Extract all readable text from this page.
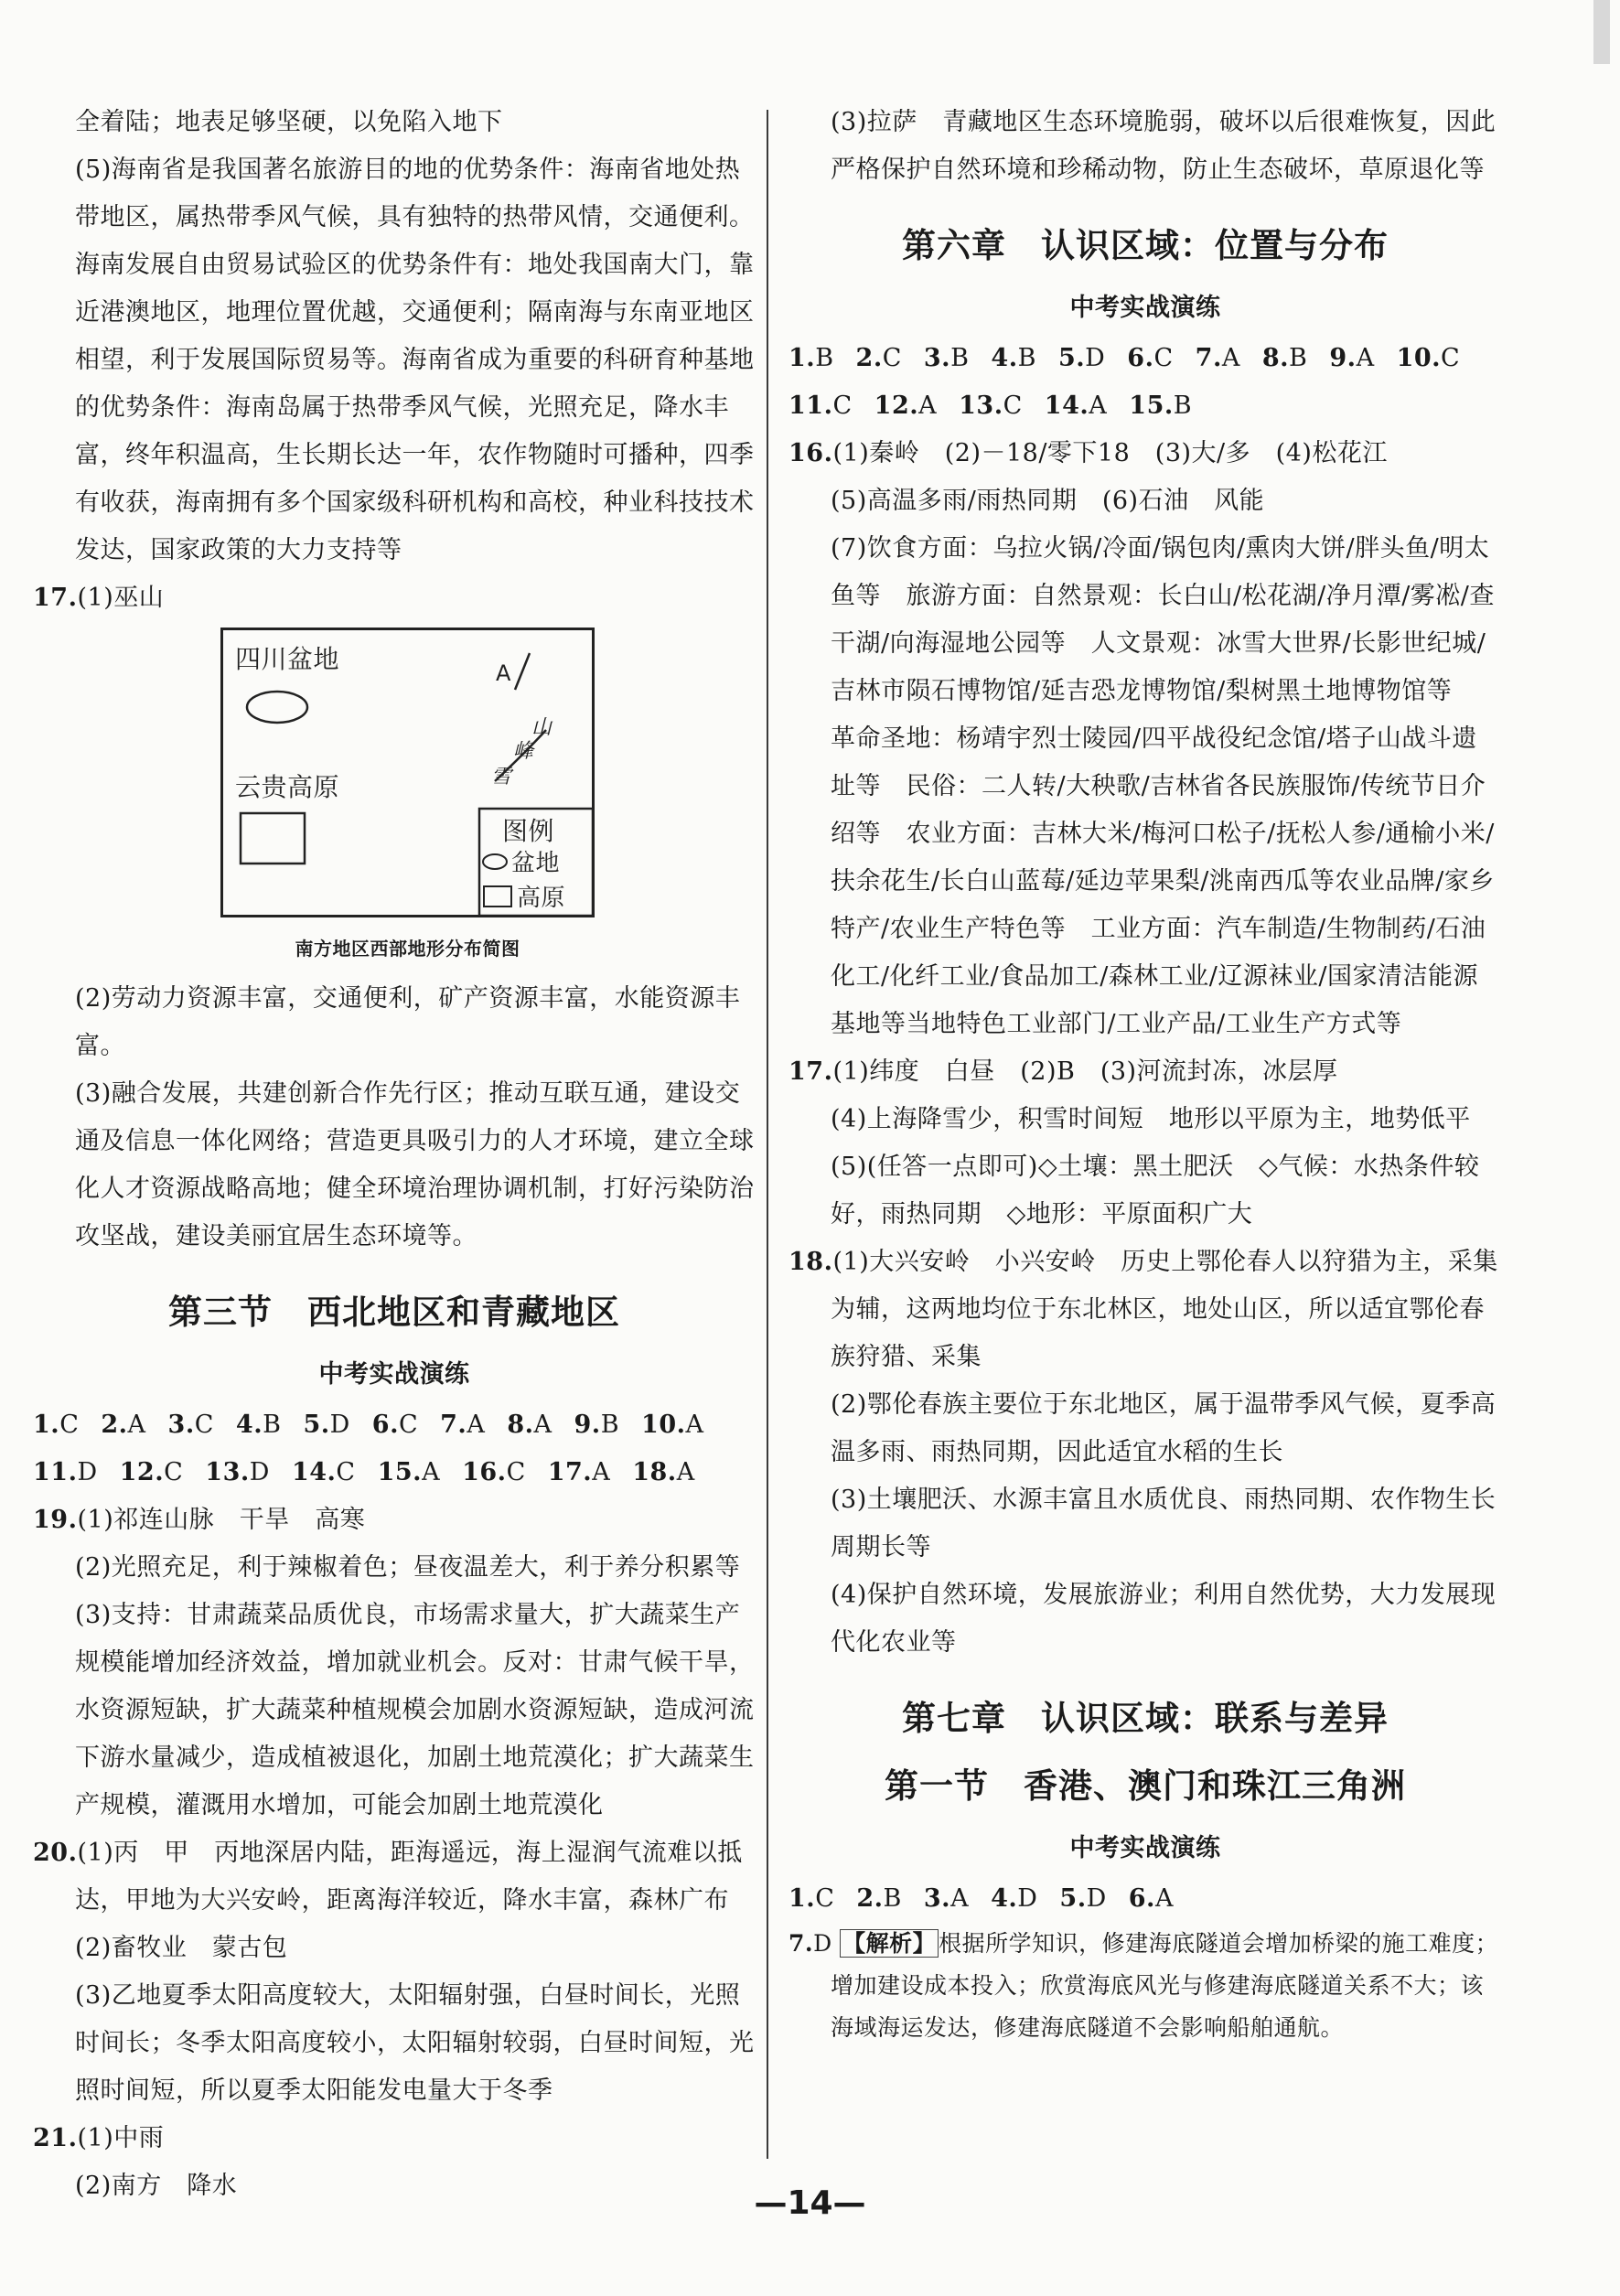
全着陆；地表足够坚硬，以免陷入地下

(5)海南省是我国著名旅游目的地的优势条件：海南省地处热带地区，属热带季风气候，具有独特的热带风情，交通便利。海南发展自由贸易试验区的优势条件有：地处我国南大门，靠近港澳地区，地理位置优越，交通便利；隔南海与东南亚地区相望，利于发展国际贸易等。海南省成为重要的科研育种基地的优势条件：海南岛属于热带季风气候，光照充足，降水丰富，终年积温高，生长期长达一年，农作物随时可播种，四季有收获，海南拥有多个国家级科研机构和高校，种业科技技术发达，国家政策的大力支持等

17.(1)巫山

四川盆地
云贵高原
A
山
峰
雪
图例
盆地
高原
南方地区西部地形分布简图

(2)劳动力资源丰富，交通便利，矿产资源丰富，水能资源丰富。

(3)融合发展，共建创新合作先行区；推动互联互通，建设交通及信息一体化网络；营造更具吸引力的人才环境，建立全球化人才资源战略高地；健全环境治理协调机制，打好污染防治攻坚战，建设美丽宜居生态环境等。

第三节　西北地区和青藏地区
中考实战演练

1.C 2.A 3.C 4.B 5.D 6.C 7.A 8.A 9.B 10.A

11.D 12.C 13.D 14.C 15.A 16.C 17.A 18.A

19.(1)祁连山脉　干旱　高寒

(2)光照充足，利于辣椒着色；昼夜温差大，利于养分积累等

(3)支持：甘肃蔬菜品质优良，市场需求量大，扩大蔬菜生产规模能增加经济效益，增加就业机会。反对：甘肃气候干旱，水资源短缺，扩大蔬菜种植规模会加剧水资源短缺，造成河流下游水量减少，造成植被退化，加剧土地荒漠化；扩大蔬菜生产规模，灌溉用水增加，可能会加剧土地荒漠化

20.(1)丙　甲　丙地深居内陆，距海遥远，海上湿润气流难以抵达，甲地为大兴安岭，距离海洋较近，降水丰富，森林广布

(2)畜牧业　蒙古包

(3)乙地夏季太阳高度较大，太阳辐射强，白昼时间长，光照时间长；冬季太阳高度较小，太阳辐射较弱，白昼时间短，光照时间短，所以夏季太阳能发电量大于冬季

21.(1)中雨

(2)南方　降水

(3)拉萨　青藏地区生态环境脆弱，破坏以后很难恢复，因此严格保护自然环境和珍稀动物，防止生态破坏，草原退化等

第六章　认识区域：位置与分布
中考实战演练

1.B 2.C 3.B 4.B 5.D 6.C 7.A 8.B 9.A 10.C

11.C 12.A 13.C 14.A 15.B

16.(1)秦岭　(2)－18/零下18　(3)大/多　(4)松花江

(5)高温多雨/雨热同期　(6)石油　风能

(7)饮食方面：乌拉火锅/冷面/锅包肉/熏肉大饼/胖头鱼/明太鱼等　旅游方面：自然景观：长白山/松花湖/净月潭/雾凇/查干湖/向海湿地公园等　人文景观：冰雪大世界/长影世纪城/吉林市陨石博物馆/延吉恐龙博物馆/梨树黑土地博物馆等　革命圣地：杨靖宇烈士陵园/四平战役纪念馆/塔子山战斗遗址等　民俗：二人转/大秧歌/吉林省各民族服饰/传统节日介绍等　农业方面：吉林大米/梅河口松子/抚松人参/通榆小米/扶余花生/长白山蓝莓/延边苹果梨/洮南西瓜等农业品牌/家乡特产/农业生产特色等　工业方面：汽车制造/生物制药/石油化工/化纤工业/食品加工/森林工业/辽源袜业/国家清洁能源基地等当地特色工业部门/工业产品/工业生产方式等

17.(1)纬度　白昼　(2)B　(3)河流封冻，冰层厚

(4)上海降雪少，积雪时间短　地形以平原为主，地势低平

(5)(任答一点即可)◇土壤：黑土肥沃　◇气候：水热条件较好，雨热同期　◇地形：平原面积广大

18.(1)大兴安岭　小兴安岭　历史上鄂伦春人以狩猎为主，采集为辅，这两地均位于东北林区，地处山区，所以适宜鄂伦春族狩猎、采集

(2)鄂伦春族主要位于东北地区，属于温带季风气候，夏季高温多雨、雨热同期，因此适宜水稻的生长

(3)土壤肥沃、水源丰富且水质优良、雨热同期、农作物生长周期长等

(4)保护自然环境，发展旅游业；利用自然优势，大力发展现代化农业等

第七章　认识区域：联系与差异
第一节　香港、澳门和珠江三角洲
中考实战演练

1.C 2.B 3.A 4.D 5.D 6.A

7.D 【解析】 根据所学知识，修建海底隧道会增加桥梁的施工难度；增加建设成本投入；欣赏海底风光与修建海底隧道关系不大；该海域海运发达，修建海底隧道不会影响船舶通航。

—14—
